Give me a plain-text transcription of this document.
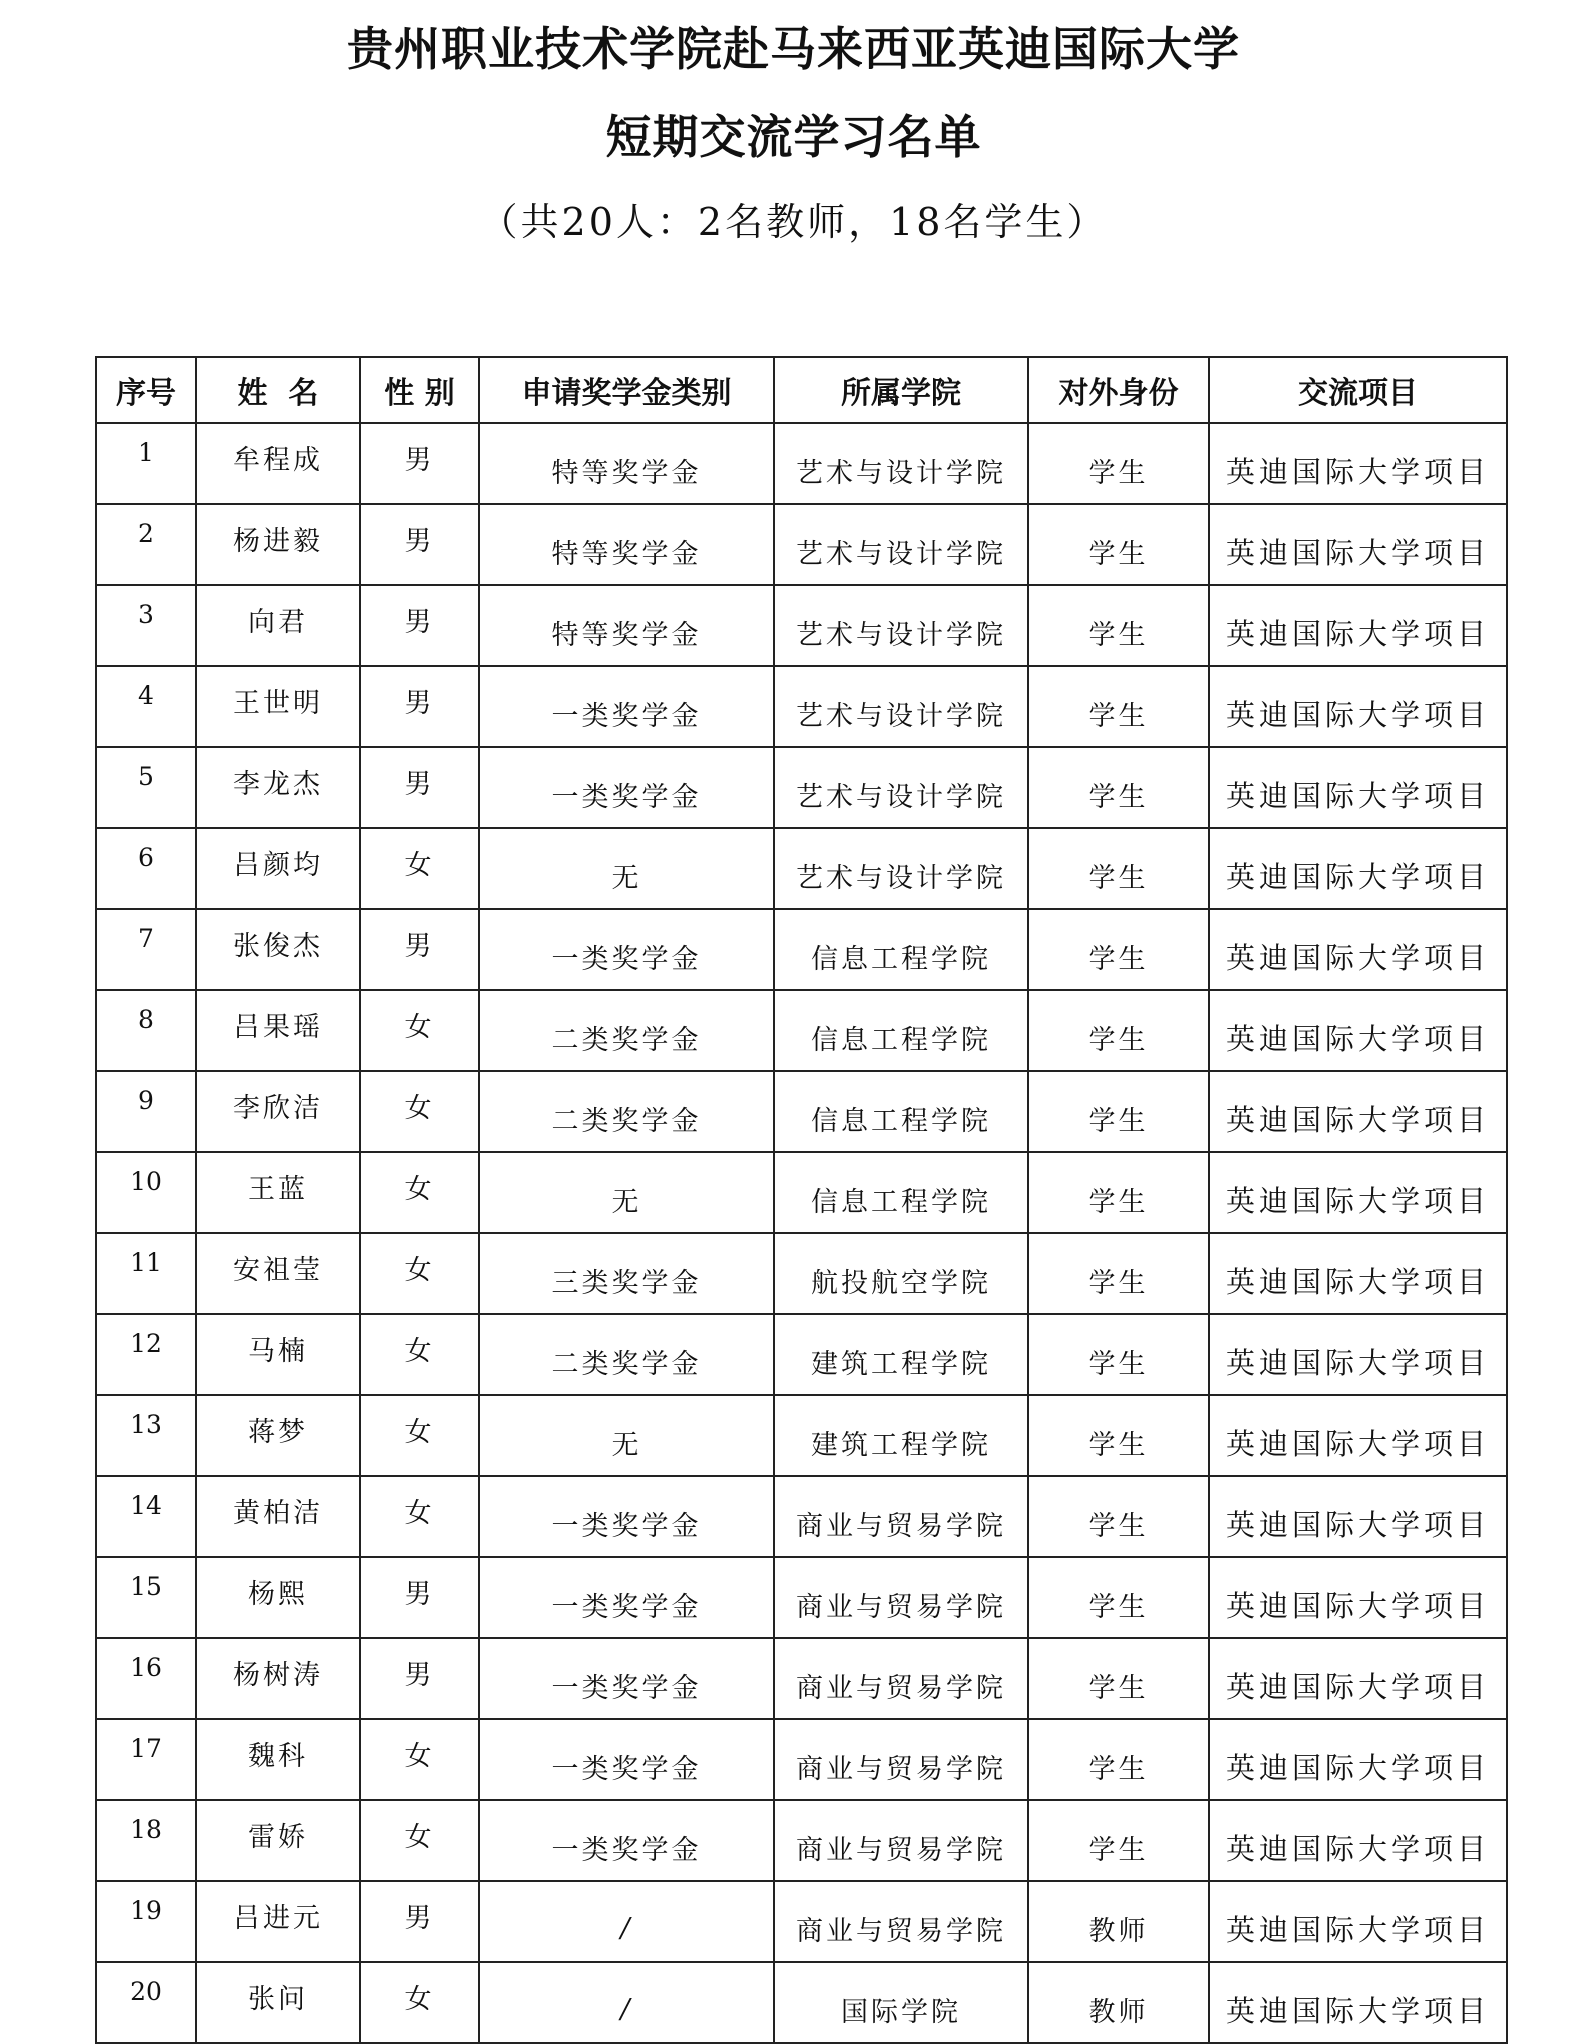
贵州职业技术学院赴马来西亚英迪国际大学
短期交流学习名单
（共20人：2名教师，18名学生）
序号	姓  名	性 别	申请奖学金类别	所属学院	对外身份	交流项目
1	牟程成	男	特等奖学金	艺术与设计学院	学生	英迪国际大学项目
2	杨进毅	男	特等奖学金	艺术与设计学院	学生	英迪国际大学项目
3	向君	男	特等奖学金	艺术与设计学院	学生	英迪国际大学项目
4	王世明	男	一类奖学金	艺术与设计学院	学生	英迪国际大学项目
5	李龙杰	男	一类奖学金	艺术与设计学院	学生	英迪国际大学项目
6	吕颜均	女	无	艺术与设计学院	学生	英迪国际大学项目
7	张俊杰	男	一类奖学金	信息工程学院	学生	英迪国际大学项目
8	吕果瑶	女	二类奖学金	信息工程学院	学生	英迪国际大学项目
9	李欣洁	女	二类奖学金	信息工程学院	学生	英迪国际大学项目
10	王蓝	女	无	信息工程学院	学生	英迪国际大学项目
11	安祖莹	女	三类奖学金	航投航空学院	学生	英迪国际大学项目
12	马楠	女	二类奖学金	建筑工程学院	学生	英迪国际大学项目
13	蒋梦	女	无	建筑工程学院	学生	英迪国际大学项目
14	黄柏洁	女	一类奖学金	商业与贸易学院	学生	英迪国际大学项目
15	杨熙	男	一类奖学金	商业与贸易学院	学生	英迪国际大学项目
16	杨树涛	男	一类奖学金	商业与贸易学院	学生	英迪国际大学项目
17	魏科	女	一类奖学金	商业与贸易学院	学生	英迪国际大学项目
18	雷娇	女	一类奖学金	商业与贸易学院	学生	英迪国际大学项目
19	吕进元	男	/	商业与贸易学院	教师	英迪国际大学项目
20	张问	女	/	国际学院	教师	英迪国际大学项目
